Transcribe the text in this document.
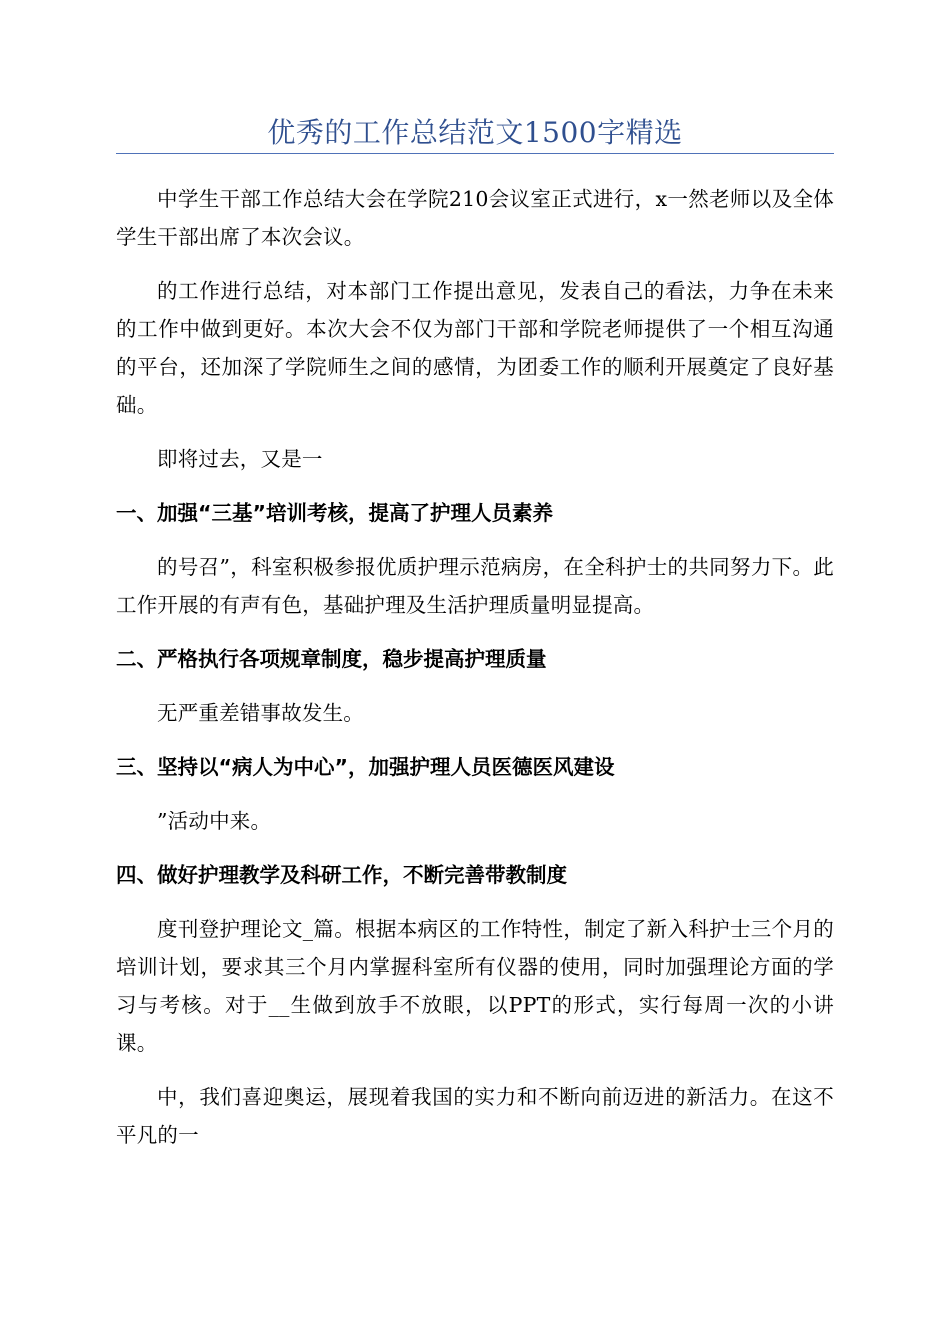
优秀的工作总结范文1500字精选

中学生干部工作总结大会在学院210会议室正式进行，x一然老师以及全体学生干部出席了本次会议。

的工作进行总结，对本部门工作提出意见，发表自己的看法，力争在未来的工作中做到更好。本次大会不仅为部门干部和学院老师提供了一个相互沟通的平台，还加深了学院师生之间的感情，为团委工作的顺利开展奠定了良好基础。

即将过去，又是一

一、加强“三基”培训考核，提高了护理人员素养

的号召”，科室积极参报优质护理示范病房，在全科护士的共同努力下。此工作开展的有声有色，基础护理及生活护理质量明显提高。

二、严格执行各项规章制度，稳步提高护理质量

无严重差错事故发生。

三、坚持以“病人为中心”，加强护理人员医德医风建设

”活动中来。

四、做好护理教学及科研工作，不断完善带教制度

度刊登护理论文_篇。根据本病区的工作特性，制定了新入科护士三个月的培训计划，要求其三个月内掌握科室所有仪器的使用，同时加强理论方面的学习与考核。对于__生做到放手不放眼，以PPT的形式，实行每周一次的小讲课。

中，我们喜迎奥运，展现着我国的实力和不断向前迈进的新活力。在这不平凡的一
